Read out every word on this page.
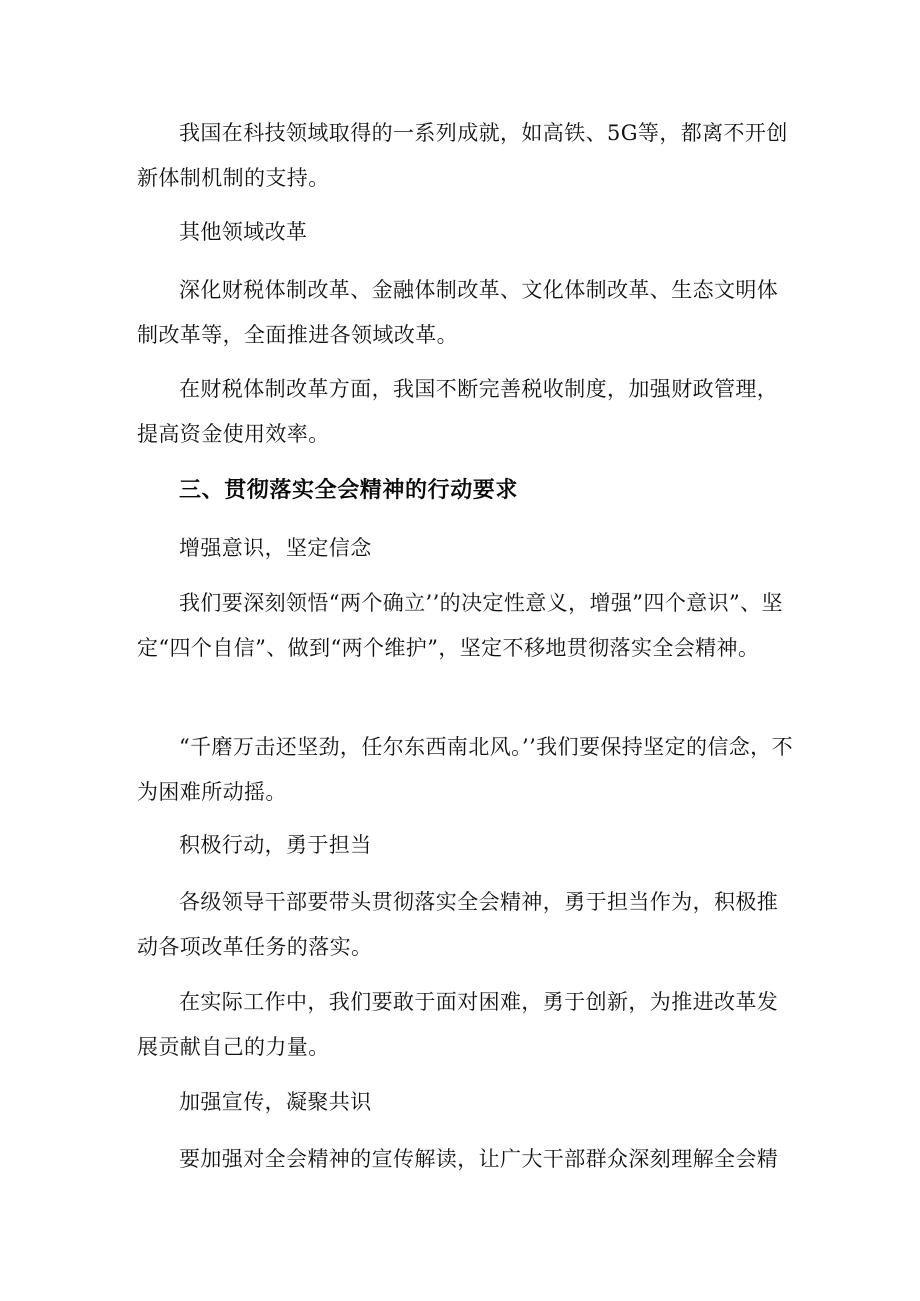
我国在科技领域取得的一系列成就，如高铁、5G等，都离不开创新体制机制的支持。

其他领域改革

深化财税体制改革、金融体制改革、文化体制改革、生态文明体制改革等，全面推进各领域改革。

在财税体制改革方面，我国不断完善税收制度，加强财政管理，提高资金使用效率。

三、贯彻落实全会精神的行动要求

增强意识，坚定信念

我们要深刻领悟“两个确立’’的决定性意义，增强”四个意识”、坚定“四个自信”、做到“两个维护”，坚定不移地贯彻落实全会精神。

“千磨万击还坚劲，任尔东西南北风。’’我们要保持坚定的信念，不为困难所动摇。

积极行动，勇于担当

各级领导干部要带头贯彻落实全会精神，勇于担当作为，积极推动各项改革任务的落实。

在实际工作中，我们要敢于面对困难，勇于创新，为推进改革发展贡献自己的力量。

加强宣传，凝聚共识

要加强对全会精神的宣传解读，让广大干部群众深刻理解全会精
